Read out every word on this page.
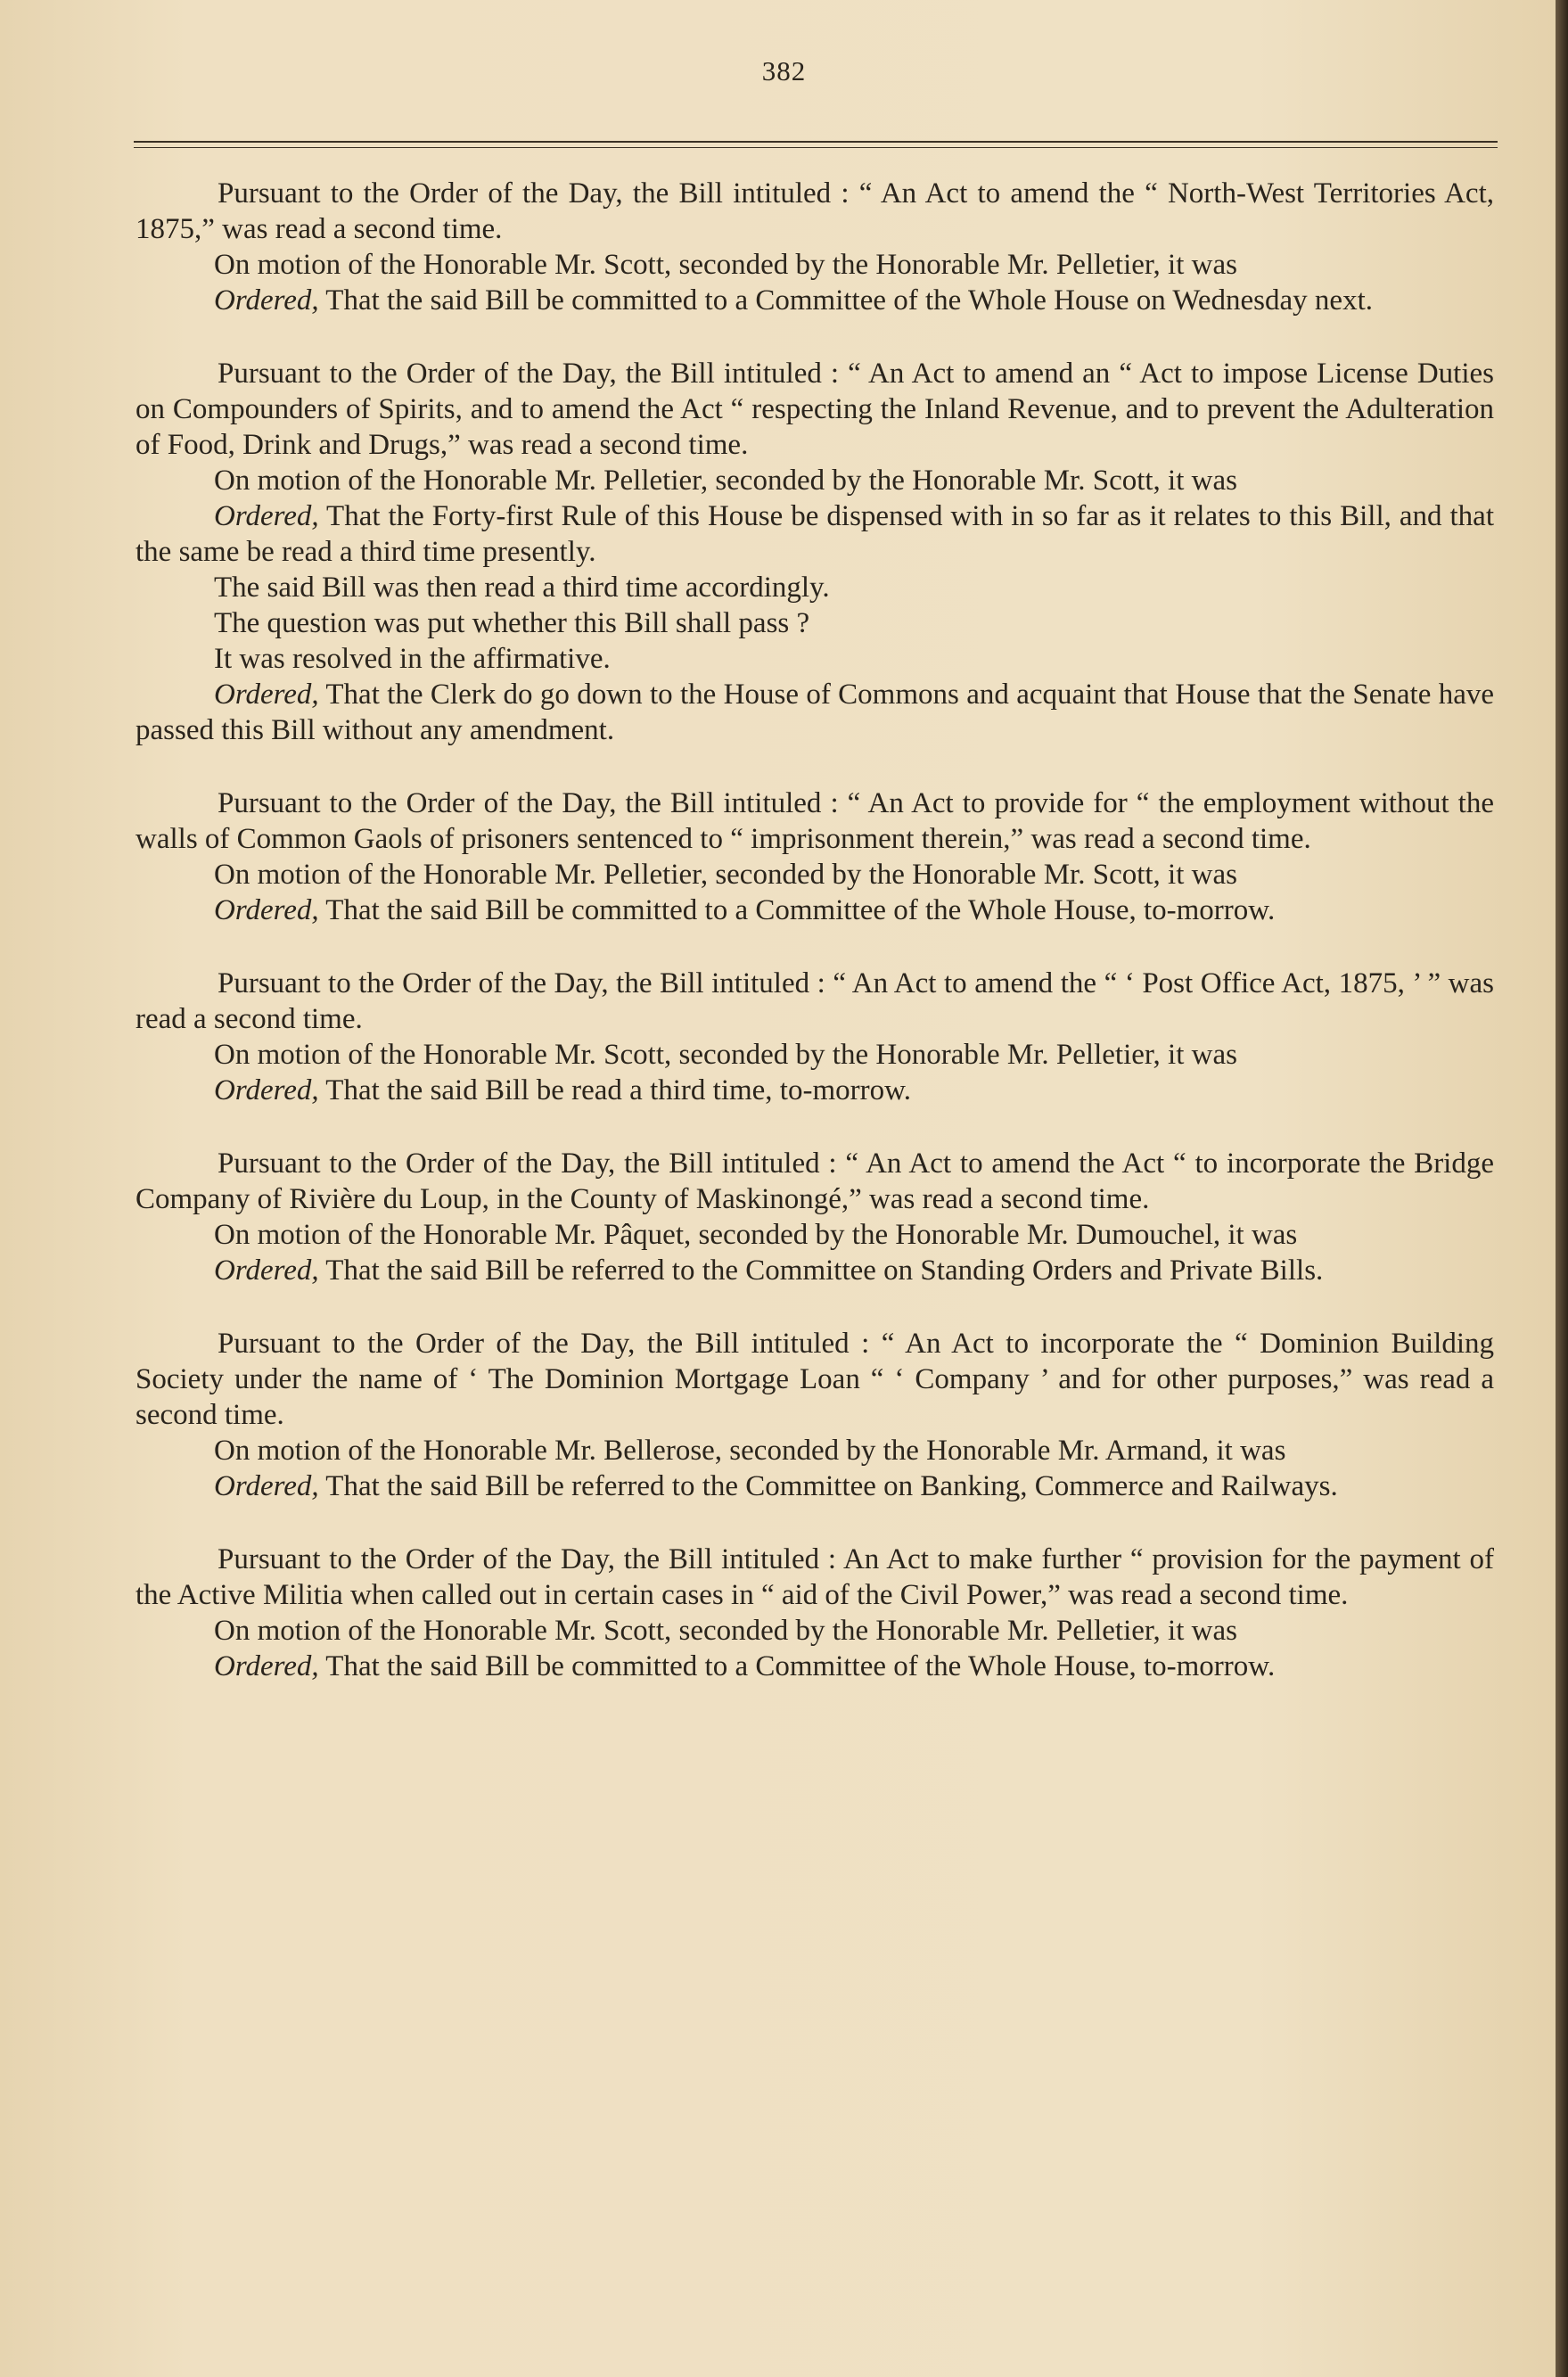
382

Pursuant to the Order of the Day, the Bill intituled : “ An Act to amend the “ North-West Territories Act, 1875,” was read a second time.

On motion of the Honorable Mr. Scott, seconded by the Honorable Mr. Pelletier, it was

Ordered, That the said Bill be committed to a Committee of the Whole House on Wednesday next.

Pursuant to the Order of the Day, the Bill intituled : “ An Act to amend an “ Act to impose License Duties on Compounders of Spirits, and to amend the Act “ respecting the Inland Revenue, and to prevent the Adulteration of Food, Drink and Drugs,” was read a second time.

On motion of the Honorable Mr. Pelletier, seconded by the Honorable Mr. Scott, it was

Ordered, That the Forty-first Rule of this House be dispensed with in so far as it relates to this Bill, and that the same be read a third time presently.

The said Bill was then read a third time accordingly.

The question was put whether this Bill shall pass ?

It was resolved in the affirmative.

Ordered, That the Clerk do go down to the House of Commons and acquaint that House that the Senate have passed this Bill without any amendment.

Pursuant to the Order of the Day, the Bill intituled : “ An Act to provide for “ the employment without the walls of Common Gaols of prisoners sentenced to “ imprisonment therein,” was read a second time.

On motion of the Honorable Mr. Pelletier, seconded by the Honorable Mr. Scott, it was

Ordered, That the said Bill be committed to a Committee of the Whole House, to-morrow.

Pursuant to the Order of the Day, the Bill intituled : “ An Act to amend the “ ‘ Post Office Act, 1875, ’ ” was read a second time.

On motion of the Honorable Mr. Scott, seconded by the Honorable Mr. Pelletier, it was

Ordered, That the said Bill be read a third time, to-morrow.

Pursuant to the Order of the Day, the Bill intituled : “ An Act to amend the Act “ to incorporate the Bridge Company of Rivière du Loup, in the County of Maskinongé,” was read a second time.

On motion of the Honorable Mr. Pâquet, seconded by the Honorable Mr. Dumouchel, it was

Ordered, That the said Bill be referred to the Committee on Standing Orders and Private Bills.

Pursuant to the Order of the Day, the Bill intituled : “ An Act to incorporate the “ Dominion Building Society under the name of ‘ The Dominion Mortgage Loan “ ‘ Company ’ and for other purposes,” was read a second time.

On motion of the Honorable Mr. Bellerose, seconded by the Honorable Mr. Armand, it was

Ordered, That the said Bill be referred to the Committee on Banking, Commerce and Railways.

Pursuant to the Order of the Day, the Bill intituled : An Act to make further “ provision for the payment of the Active Militia when called out in certain cases in “ aid of the Civil Power,” was read a second time.

On motion of the Honorable Mr. Scott, seconded by the Honorable Mr. Pelletier, it was

Ordered, That the said Bill be committed to a Committee of the Whole House, to-morrow.
